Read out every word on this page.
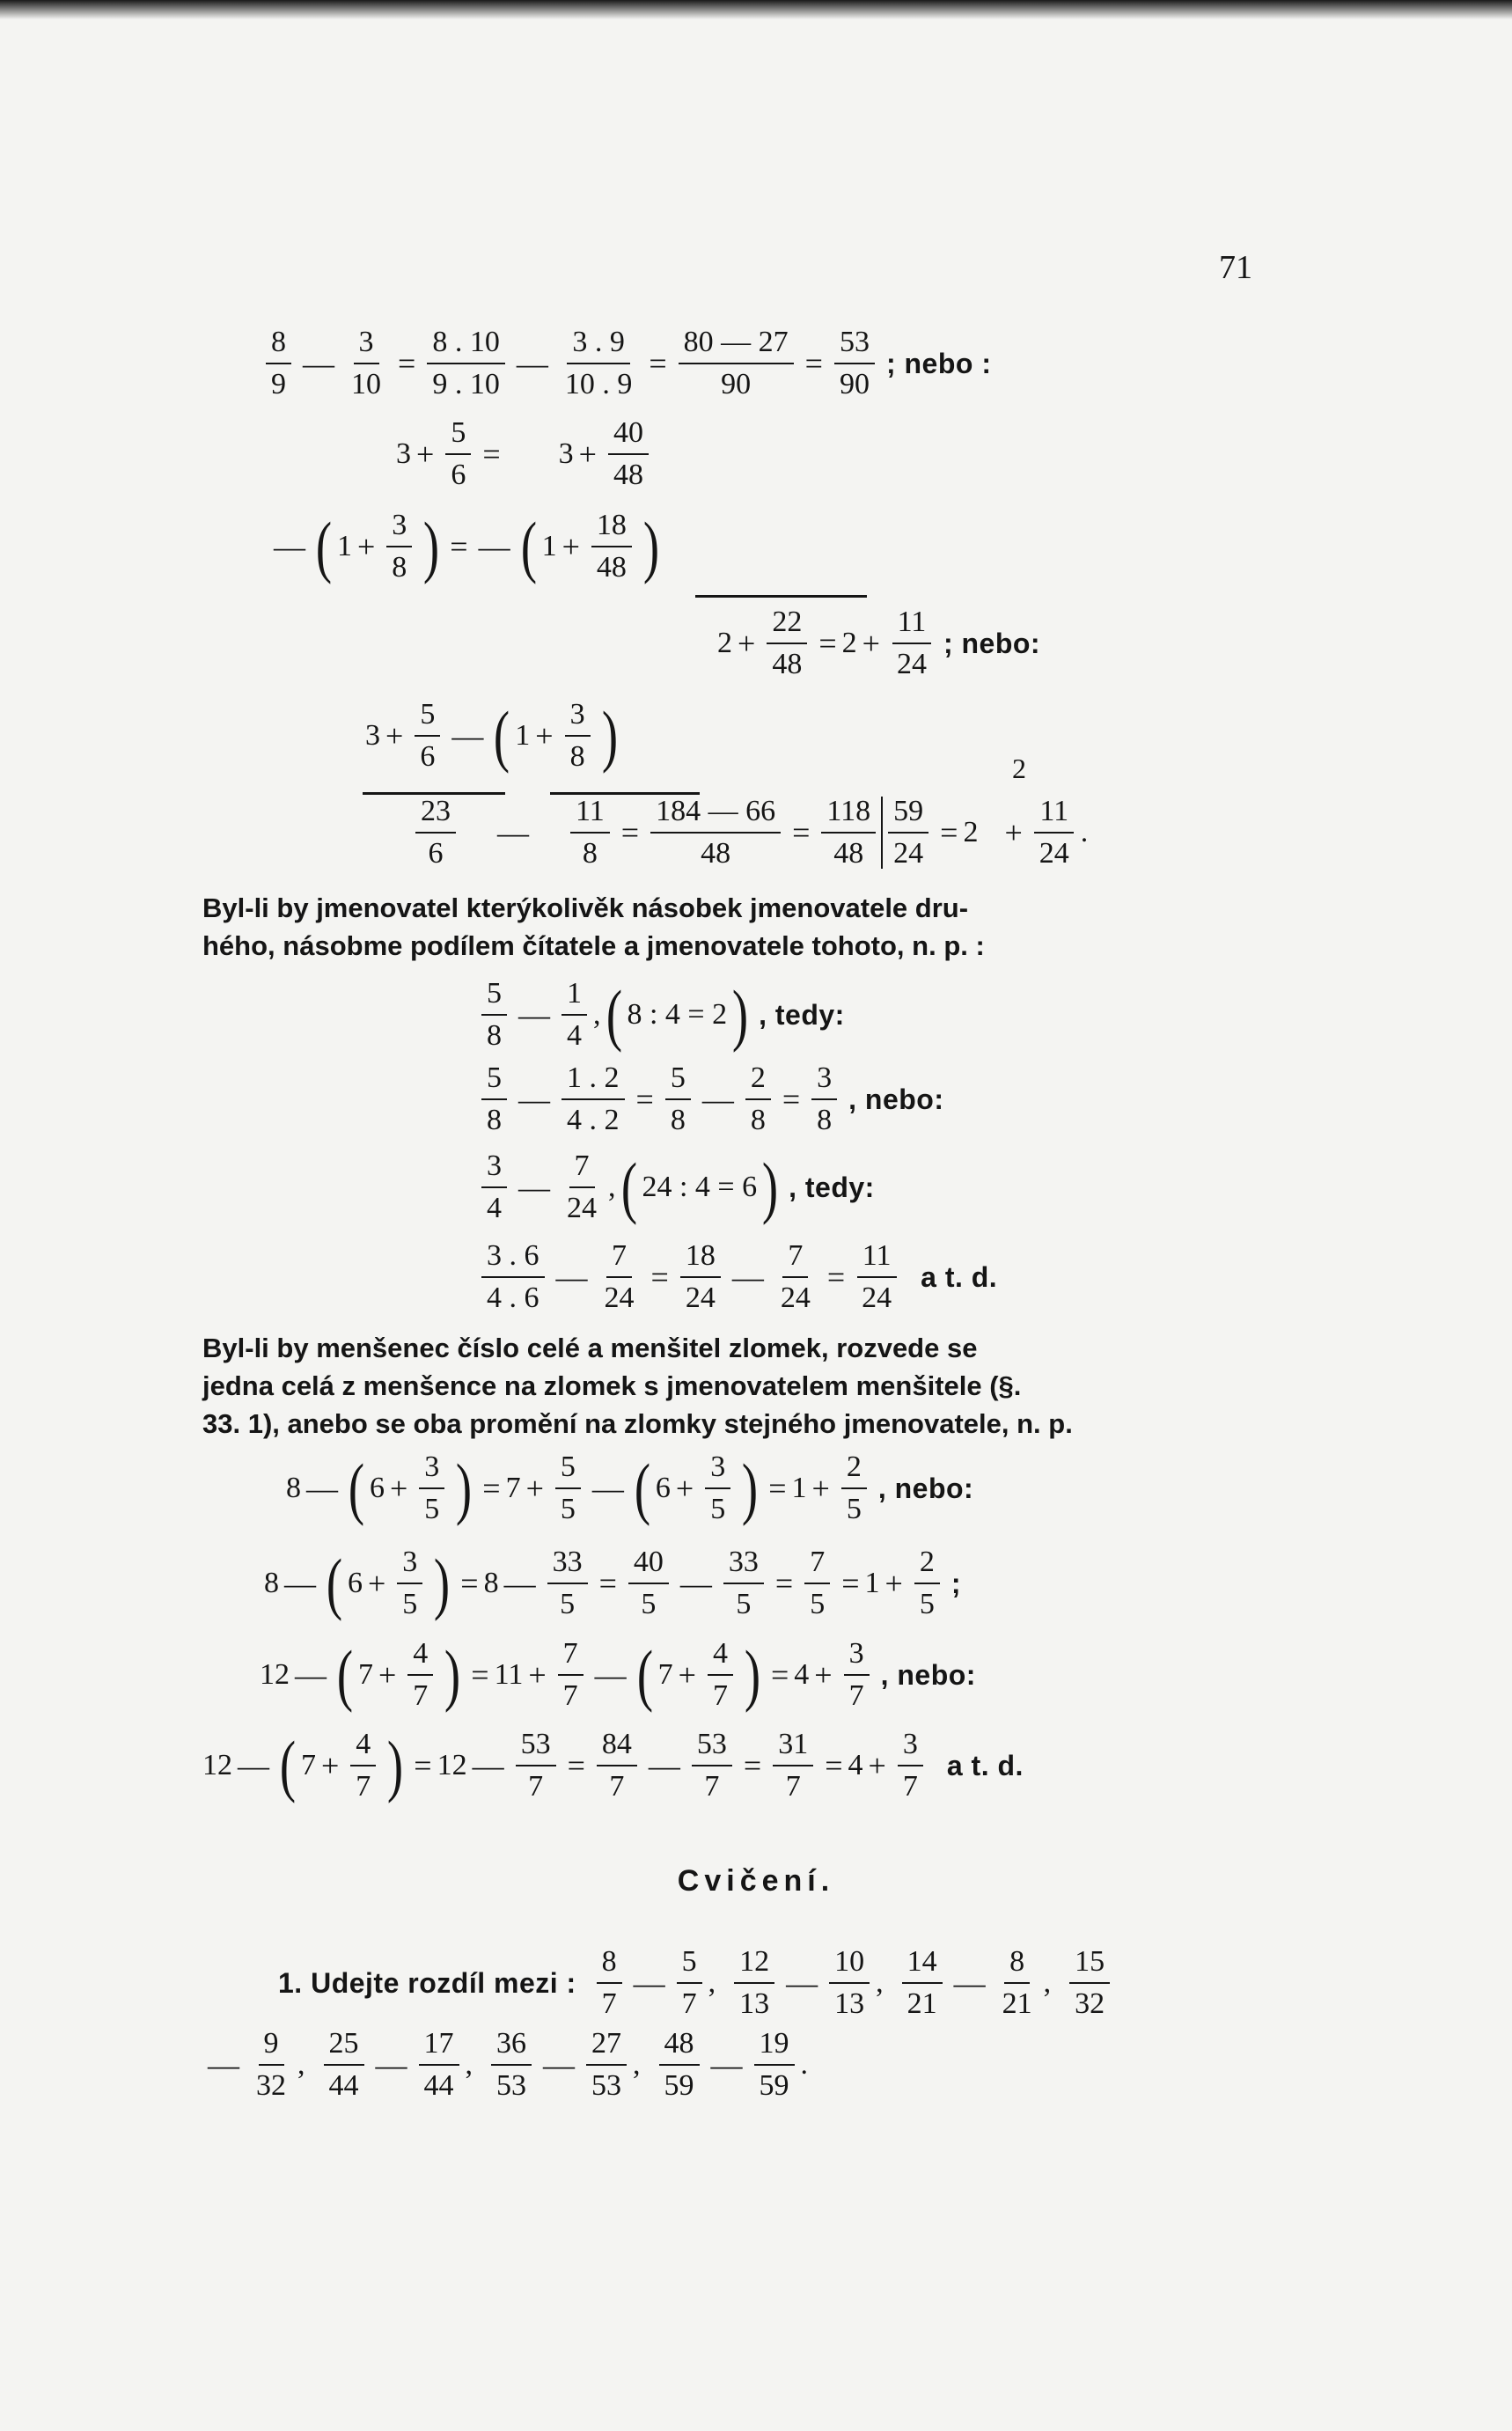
71
$\frac{8}{9}$ — $\frac{3}{10} = \frac{8 . 10}{9 . 10}$ — $\frac{3 . 9}{10 . 9} = \frac{80 — 27}{90} = \frac{53}{90}$ ; nebo :
$3 + \frac{5}{6} = 3 + \frac{40}{48}$
— ( $1 + \frac{3}{8}$ ) = — ( $1 + \frac{18}{48}$ )
$2 + \frac{22}{48} = 2 + \frac{11}{24}$ ; nebo:
$3 + \frac{5}{6}$ — ( $1 + \frac{3}{8}$ )	2
$\frac{23}{6}$ — $\frac{11}{8} = \frac{184 — 66}{48} = \frac{118}{48} \frac{59}{24} = 2 + \frac{11}{24}$ .
Byl-li by jmenovatel kterýkolivěk násobek jmenovatele dru-
hého, násobme podílem čítatele a jmenovatele tohoto, n. p. :
$\frac{5}{8}$ — $\frac{1}{4}$ , ( 8 : 4 = 2 ) , tedy:
$\frac{5}{8}$ — $\frac{1 . 2}{4 . 2} = \frac{5}{8}$ — $\frac{2}{8} = \frac{3}{8}$ , nebo:
$\frac{3}{4}$ — $\frac{7}{24}$ , ( 24 : 4 = 6 ) , tedy:
$\frac{3 . 6}{4 . 6}$ — $\frac{7}{24} = \frac{18}{24}$ — $\frac{7}{24} = \frac{11}{24}$ a t. d.
Byl-li by menšenec číslo celé a menšitel zlomek, rozvede se
jedna celá z menšence na zlomek s jmenovatelem menšitele (§.
33. 1), anebo se oba promění na zlomky stejného jmenovatele, n. p.
8 — ( $6 + \frac{3}{5}$ ) = $7 + \frac{5}{5}$ — ( $6 + \frac{3}{5}$ ) = $1 + \frac{2}{5}$ , nebo:
8 — ( $6 + \frac{3}{5}$ ) = 8 — $\frac{33}{5} = \frac{40}{5}$ — $\frac{33}{5} = \frac{7}{5} = 1 + \frac{2}{5}$ ;
12 — ( $7 + \frac{4}{7}$ ) = $11 + \frac{7}{7}$ — ( $7 + \frac{4}{7}$ ) = $4 + \frac{3}{7}$ , nebo:
12 — ( $7 + \frac{4}{7}$ ) = 12 — $\frac{53}{7} = \frac{84}{7}$ — $\frac{53}{7} = \frac{31}{7} = 4 + \frac{3}{7}$ a t. d.
Cvičení.
1. Udejte rozdíl mezi : $\frac{8}{7}$ — $\frac{5}{7}$ , $\frac{12}{13}$ — $\frac{10}{13}$ , $\frac{14}{21}$ — $\frac{8}{21}$ , $\frac{15}{32}$
— $\frac{9}{32}$ , $\frac{25}{44}$ — $\frac{17}{44}$ , $\frac{36}{53}$ — $\frac{27}{53}$ , $\frac{48}{59}$ — $\frac{19}{59}$ .
